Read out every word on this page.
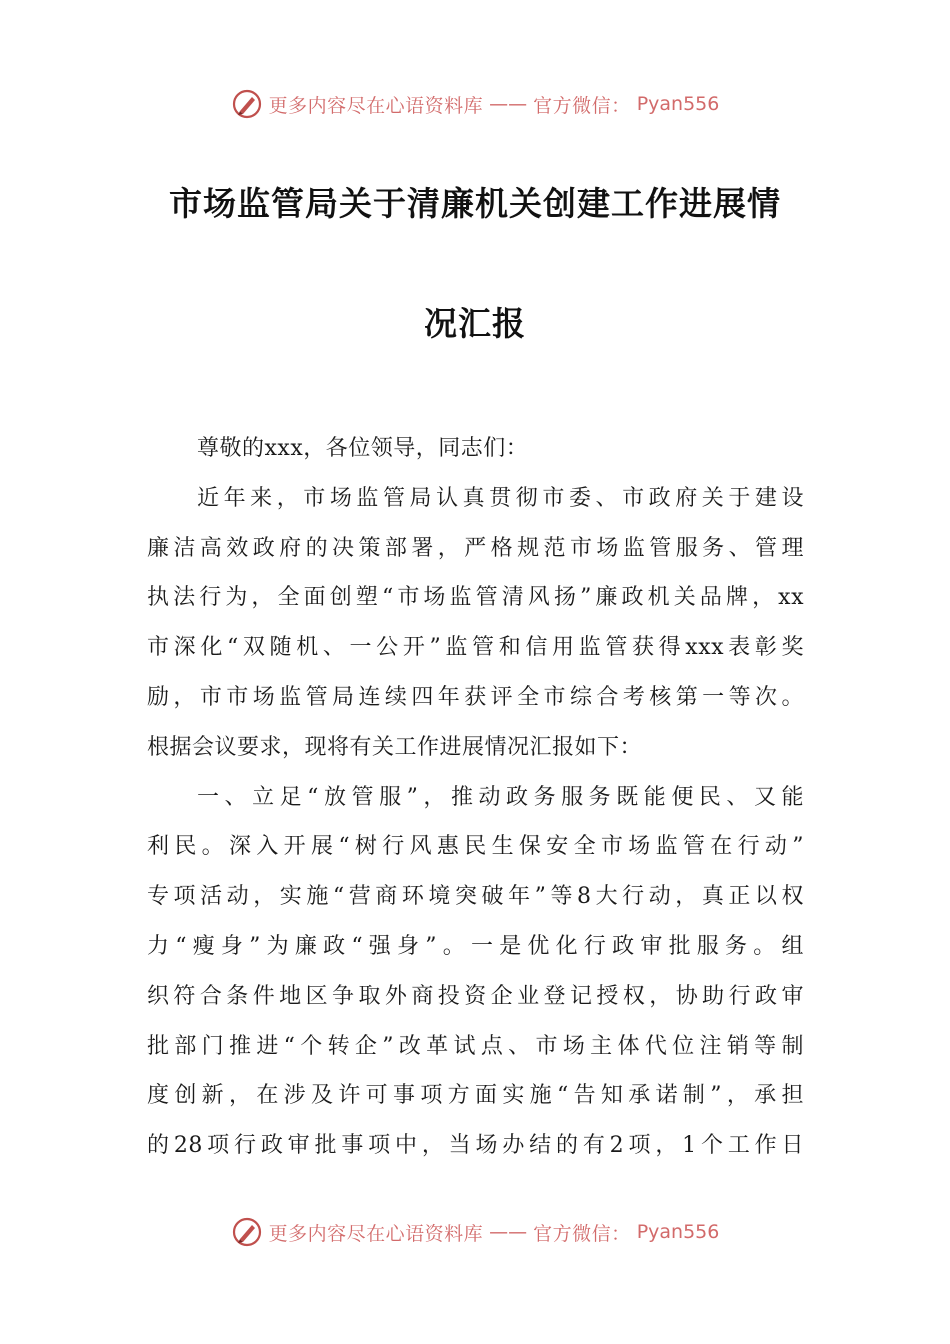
更多内容尽在心语资料库 —— 官方微信： Pyan556
市场监管局关于清廉机关创建工作进展情
况汇报
尊敬的xxx，各位领导，同志们：
近年来，市场监管局认真贯彻市委、市政府关于建设
廉洁高效政府的决策部署，严格规范市场监管服务、管理
执法行为，全面创塑“市场监管清风扬”廉政机关品牌，xx
市深化“双随机、一公开”监管和信用监管获得xxx表彰奖
励，市市场监管局连续四年获评全市综合考核第一等次。
根据会议要求，现将有关工作进展情况汇报如下：
一、立足“放管服”，推动政务服务既能便民、又能
利民。深入开展“树行风惠民生保安全市场监管在行动”
专项活动，实施“营商环境突破年”等8大行动，真正以权
力“瘦身”为廉政“强身”。一是优化行政审批服务。组
织符合条件地区争取外商投资企业登记授权，协助行政审
批部门推进“个转企”改革试点、市场主体代位注销等制
度创新，在涉及许可事项方面实施“告知承诺制”，承担
的28项行政审批事项中，当场办结的有2项，1个工作日
更多内容尽在心语资料库 —— 官方微信： Pyan556
